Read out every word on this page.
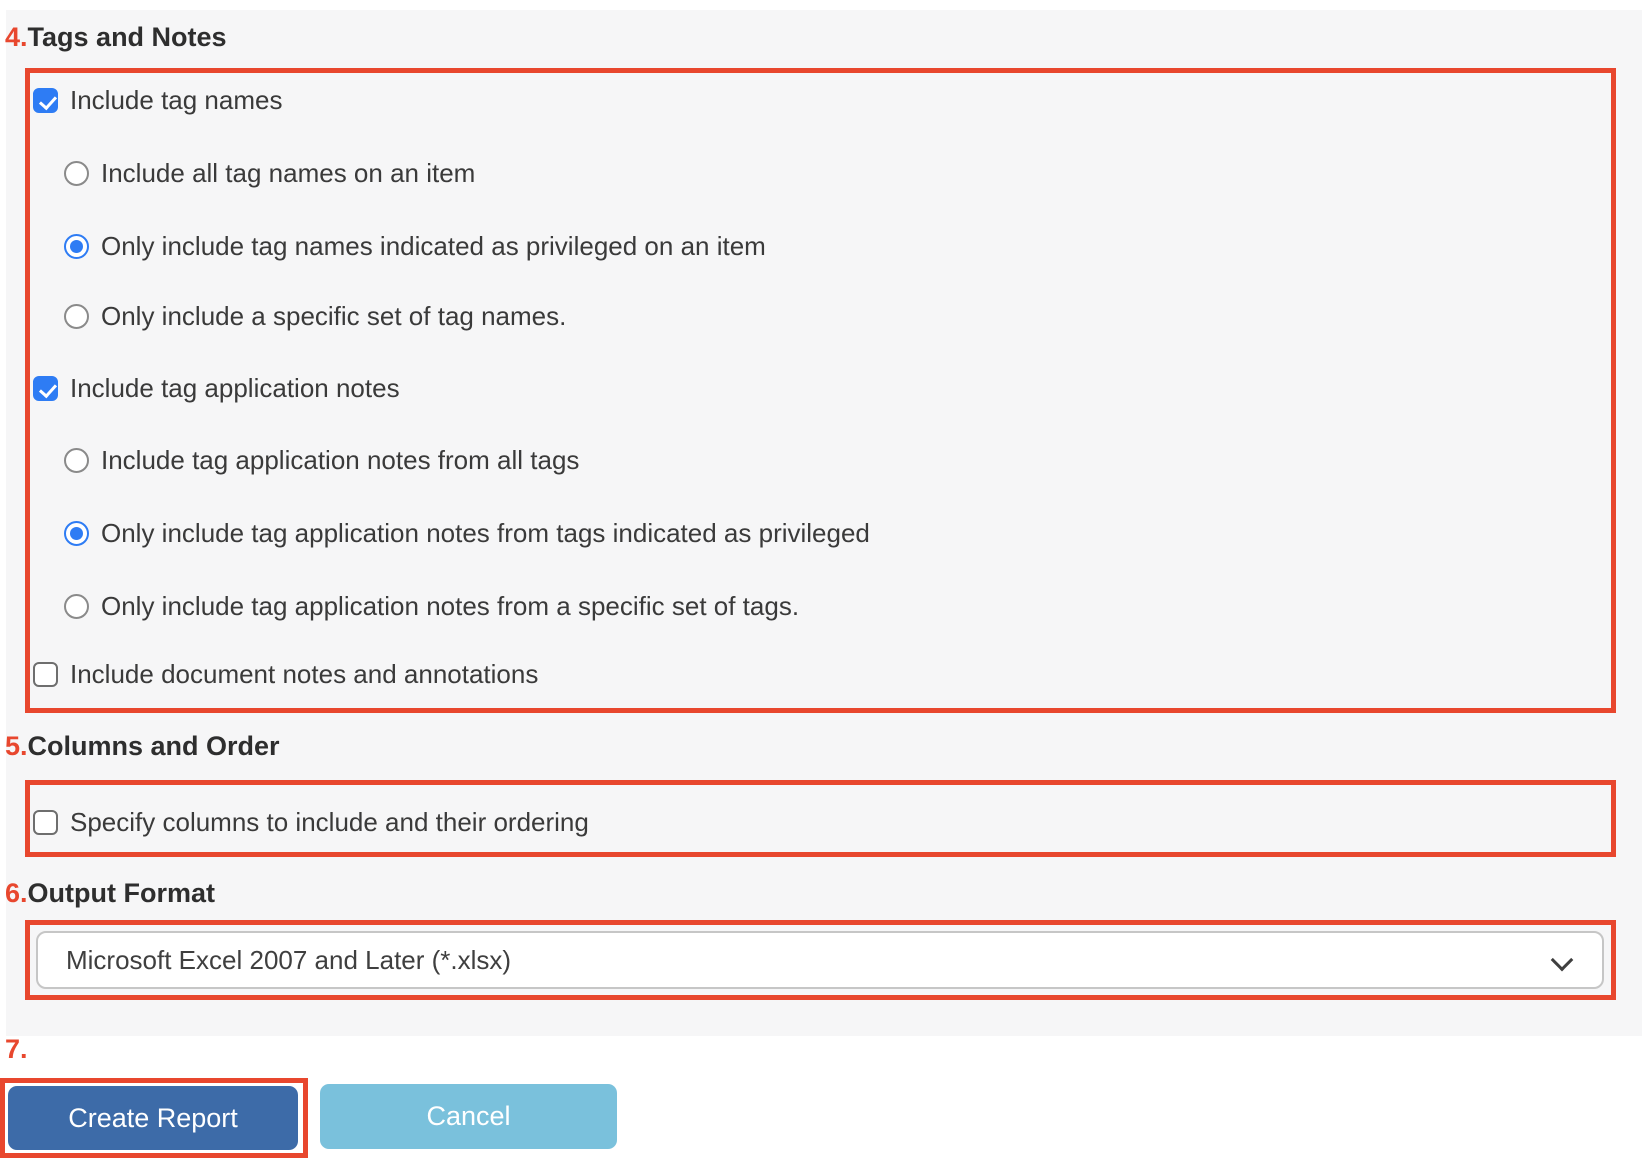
4.Tags and Notes
Include tag names
Include all tag names on an item
Only include tag names indicated as privileged on an item
Only include a specific set of tag names.
Include tag application notes
Include tag application notes from all tags
Only include tag application notes from tags indicated as privileged
Only include tag application notes from a specific set of tags.
Include document notes and annotations
5.Columns and Order
Specify columns to include and their ordering
6.Output Format
Microsoft Excel 2007 and Later (*.xlsx)
7.
Create Report	Cancel
